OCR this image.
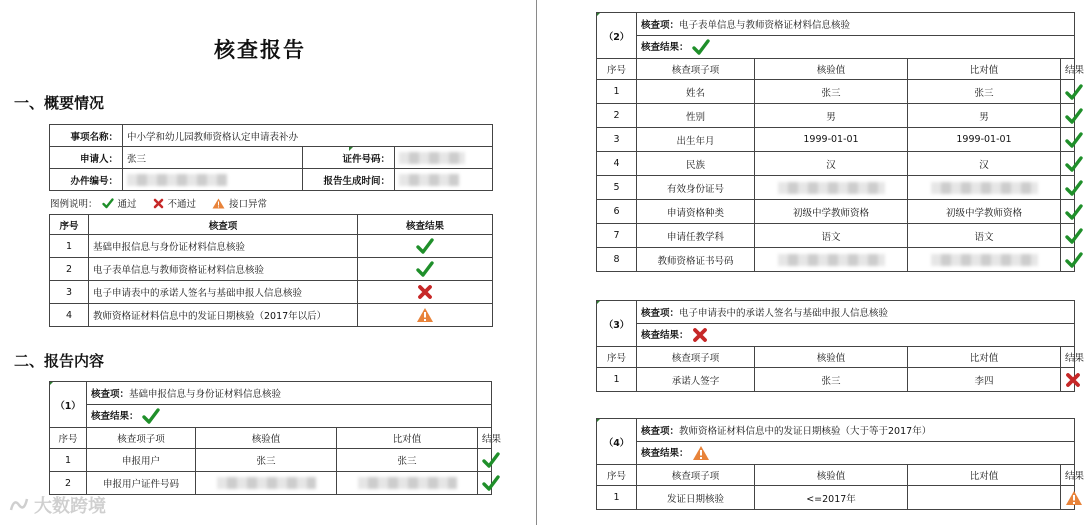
核查报告
一、概要情况
事项名称：	中小学和幼儿园教师资格认定申请表补办		
申请人：	张三	证件号码：	
办件编号：		报告生成时间：	
图例说明： 通过	不通过	接口异常
序号	核查项	核查结果
1	基础申报信息与身份证材料信息核验	
2	电子表单信息与教师资格证材料信息核验	
3	电子申请表中的承诺人签名与基础申报人信息核验	
4	教师资格证材料信息中的发证日期核验（2017年以后）	
二、报告内容
（1）	核查项：基础申报信息与身份证材料信息核验			
	核查结果：			
序号	核查项子项	核验值	比对值	结果
1	申报用户	张三	张三	
2	申报用户证件号码			
大数跨境
（2）	核查项：电子表单信息与教师资格证材料信息核验			
	核查结果：			
序号	核查项子项	核验值	比对值	结果
1	姓名	张三	张三	
2	性别	男	男	
3	出生年月	1999-01-01	1999-01-01	
4	民族	汉	汉	
5	有效身份证号			
6	申请资格种类	初级中学教师资格	初级中学教师资格	
7	申请任教学科	语文	语文	
8	教师资格证书号码			
（3）	核查项：电子申请表中的承诺人签名与基础申报人信息核验			
	核查结果：			
序号	核查项子项	核验值	比对值	结果
1	承诺人签字	张三	李四	
（4）	核查项：教师资格证材料信息中的发证日期核验（大于等于2017年）			
	核查结果：			
序号	核查项子项	核验值	比对值	结果
1	发证日期核验	<=2017年		
